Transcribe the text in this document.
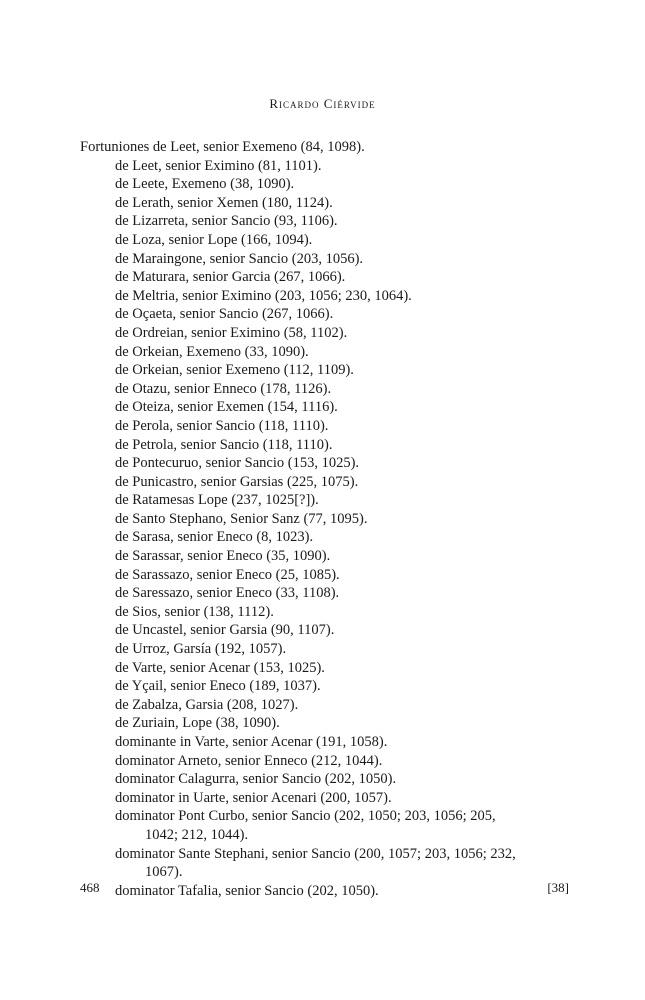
Ricardo Ciérvide
Fortuniones de Leet, senior Exemeno (84, 1098).
de Leet, senior Eximino (81, 1101).
de Leete, Exemeno (38, 1090).
de Lerath, senior Xemen (180, 1124).
de Lizarreta, senior Sancio (93, 1106).
de Loza, senior Lope (166, 1094).
de Maraingone, senior Sancio (203, 1056).
de Maturara, senior Garcia (267, 1066).
de Meltria, senior Eximino (203, 1056; 230, 1064).
de Oçaeta, senior Sancio (267, 1066).
de Ordreian, senior Eximino (58, 1102).
de Orkeian, Exemeno (33, 1090).
de Orkeian, senior Exemeno (112, 1109).
de Otazu, senior Enneco (178, 1126).
de Oteiza, senior Exemen (154, 1116).
de Perola, senior Sancio (118, 1110).
de Petrola, senior Sancio (118, 1110).
de Pontecuruo, senior Sancio (153, 1025).
de Punicastro, senior Garsias (225, 1075).
de Ratamesas Lope (237, 1025[?]).
de Santo Stephano, Senior Sanz (77, 1095).
de Sarasa, senior Eneco (8, 1023).
de Sarassar, senior Eneco (35, 1090).
de Sarassazo, senior Eneco (25, 1085).
de Saressazo, senior Eneco (33, 1108).
de Sios, senior (138, 1112).
de Uncastel, senior Garsia (90, 1107).
de Urroz, Garsía (192, 1057).
de Varte, senior Acenar (153, 1025).
de Yçail, senior Eneco (189, 1037).
de Zabalza, Garsia (208, 1027).
de Zuriain, Lope (38, 1090).
dominante in Varte, senior Acenar (191, 1058).
dominator Arneto, senior Enneco (212, 1044).
dominator Calagurra, senior Sancio (202, 1050).
dominator in Uarte, senior Acenari (200, 1057).
dominator Pont Curbo, senior Sancio (202, 1050; 203, 1056; 205,
1042; 212, 1044).
dominator Sante Stephani, senior Sancio (200, 1057; 203, 1056; 232,
1067).
dominator Tafalia, senior Sancio (202, 1050).
468	[38]
